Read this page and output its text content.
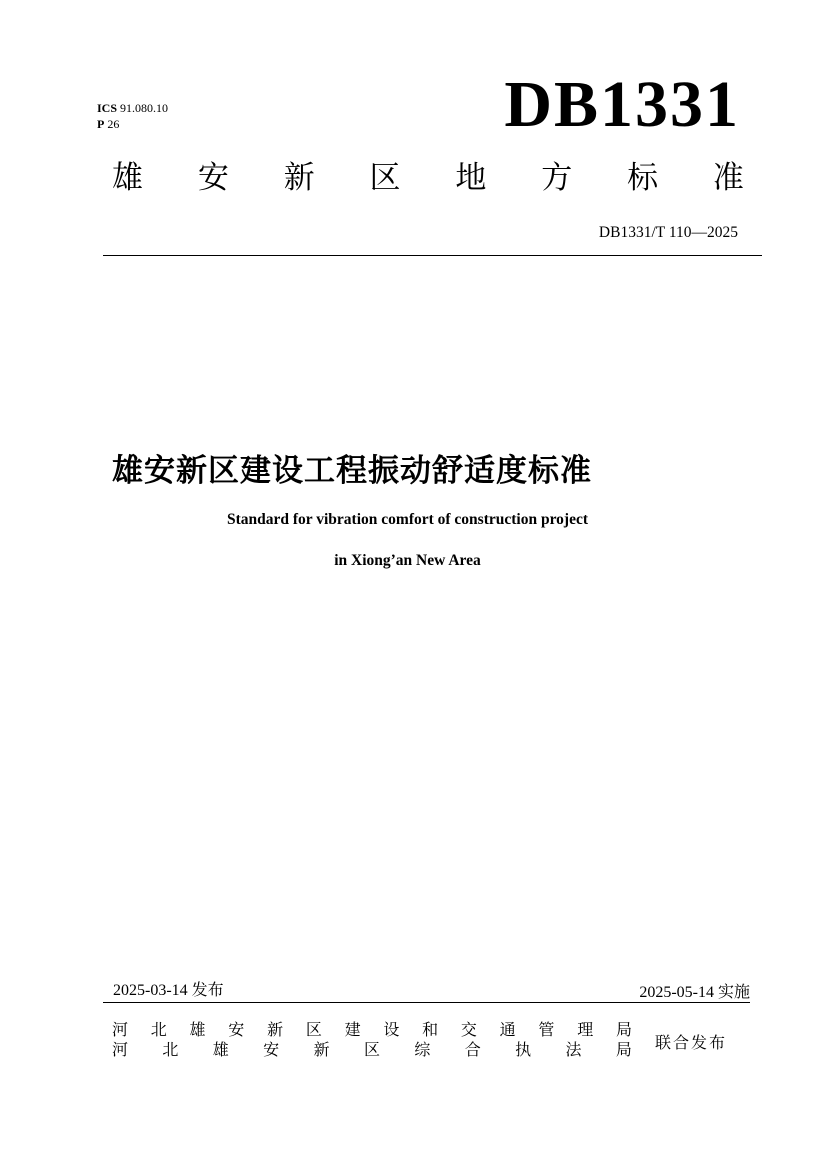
ICS 91.080.10
P 26	DB1331
雄 安 新 区 地 方 标 准
DB1331/T 110—2025
雄安新区建设工程振动舒适度标准
Standard for vibration comfort of construction project
in Xiong’an New Area
2025-03-14 发布	2025-05-14 实施
河 北 雄 安 新 区 建 设 和 交 通 管 理 局
河 北 雄 安 新 区 综 合 执 法 局 联合发布
